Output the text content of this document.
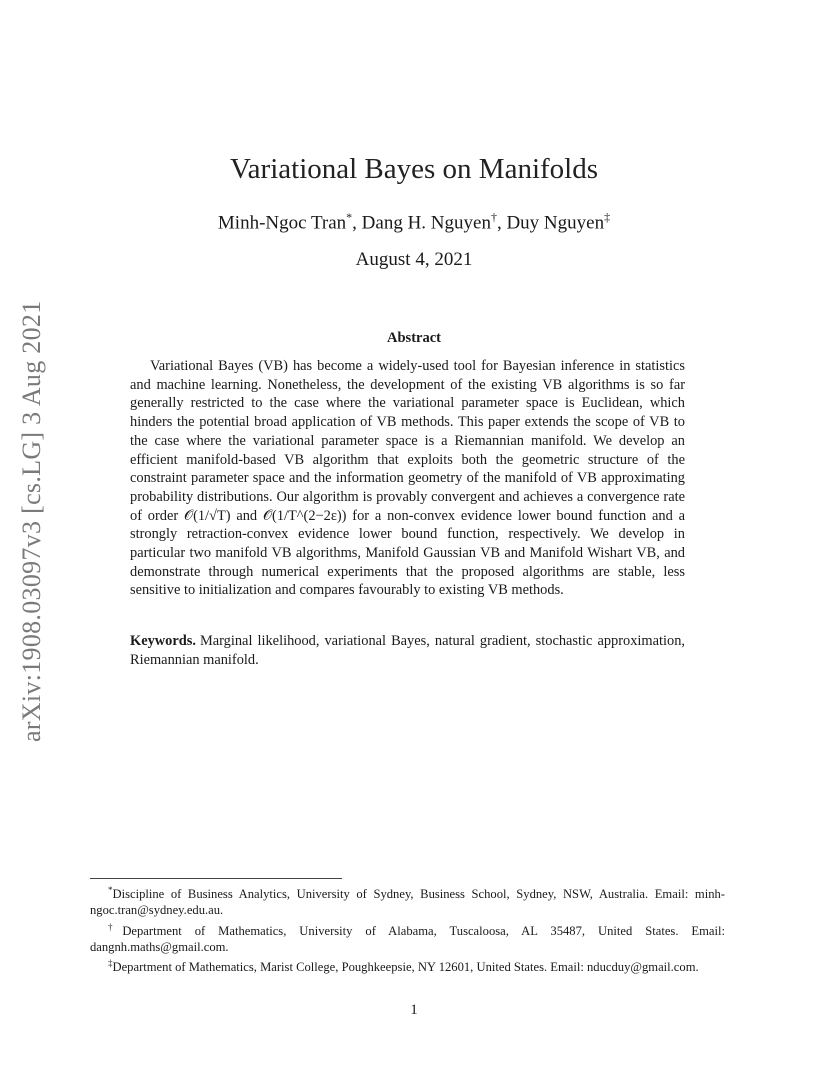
arXiv:1908.03097v3 [cs.LG] 3 Aug 2021
Variational Bayes on Manifolds
Minh-Ngoc Tran*, Dang H. Nguyen†, Duy Nguyen‡
August 4, 2021
Abstract

Variational Bayes (VB) has become a widely-used tool for Bayesian inference in statistics and machine learning. Nonetheless, the development of the existing VB algorithms is so far generally restricted to the case where the variational parameter space is Euclidean, which hinders the potential broad application of VB methods. This paper extends the scope of VB to the case where the variational parameter space is a Riemannian manifold. We develop an efficient manifold-based VB algorithm that exploits both the geometric structure of the constraint parameter space and the information geometry of the manifold of VB approximating probability distributions. Our algorithm is provably convergent and achieves a convergence rate of order 𝒪(1/√T) and 𝒪(1/T^(2−2ε)) for a non-convex evidence lower bound function and a strongly retraction-convex evidence lower bound function, respectively. We develop in particular two manifold VB algorithms, Manifold Gaussian VB and Manifold Wishart VB, and demonstrate through numerical experiments that the proposed algorithms are stable, less sensitive to initialization and compares favourably to existing VB methods.

Keywords. Marginal likelihood, variational Bayes, natural gradient, stochastic approximation, Riemannian manifold.

*Discipline of Business Analytics, University of Sydney, Business School, Sydney, NSW, Australia. Email: minh-ngoc.tran@sydney.edu.au.

†Department of Mathematics, University of Alabama, Tuscaloosa, AL 35487, United States. Email: dangnh.maths@gmail.com.

‡Department of Mathematics, Marist College, Poughkeepsie, NY 12601, United States. Email: nducduy@gmail.com.

1
